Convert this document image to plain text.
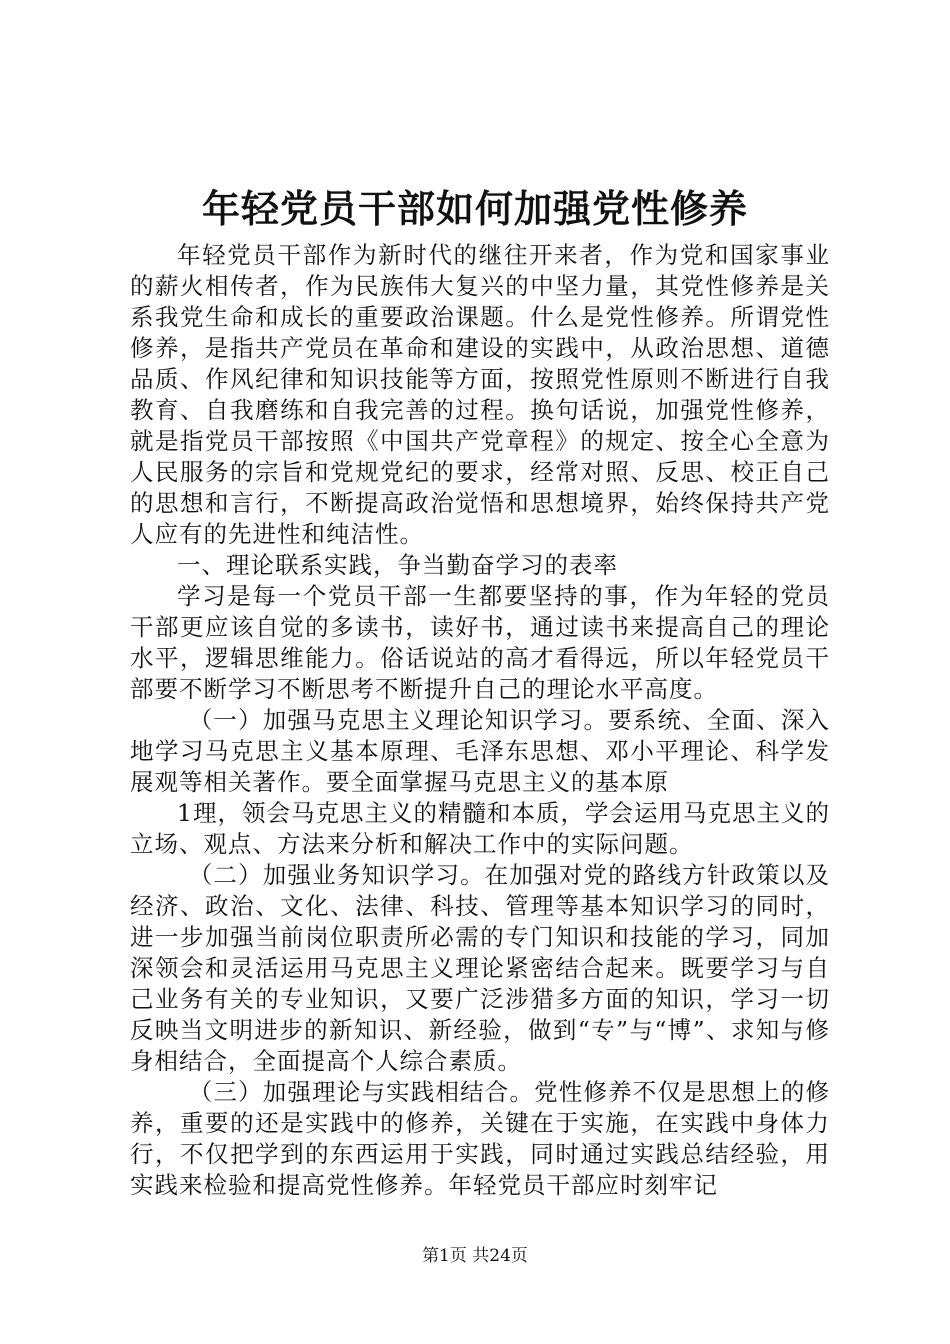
年轻党员干部如何加强党性修养

年轻党员干部作为新时代的继往开来者，作为党和国家事业的薪火相传者，作为民族伟大复兴的中坚力量，其党性修养是关系我党生命和成长的重要政治课题。什么是党性修养。所谓党性修养，是指共产党员在革命和建设的实践中，从政治思想、道德品质、作风纪律和知识技能等方面，按照党性原则不断进行自我教育、自我磨练和自我完善的过程。换句话说，加强党性修养，就是指党员干部按照《中国共产党章程》的规定、按全心全意为人民服务的宗旨和党规党纪的要求，经常对照、反思、校正自己的思想和言行，不断提高政治觉悟和思想境界，始终保持共产党人应有的先进性和纯洁性。

一、理论联系实践，争当勤奋学习的表率

学习是每一个党员干部一生都要坚持的事，作为年轻的党员干部更应该自觉的多读书，读好书，通过读书来提高自己的理论水平，逻辑思维能力。俗话说站的高才看得远，所以年轻党员干部要不断学习不断思考不断提升自己的理论水平高度。

（一）加强马克思主义理论知识学习。要系统、全面、深入地学习马克思主义基本原理、毛泽东思想、邓小平理论、科学发展观等相关著作。要全面掌握马克思主义的基本原

1理，领会马克思主义的精髓和本质，学会运用马克思主义的立场、观点、方法来分析和解决工作中的实际问题。

（二）加强业务知识学习。在加强对党的路线方针政策以及经济、政治、文化、法律、科技、管理等基本知识学习的同时，进一步加强当前岗位职责所必需的专门知识和技能的学习，同加深领会和灵活运用马克思主义理论紧密结合起来。既要学习与自己业务有关的专业知识，又要广泛涉猎多方面的知识，学习一切反映当文明进步的新知识、新经验，做到“专”与“博”、求知与修身相结合，全面提高个人综合素质。

（三）加强理论与实践相结合。党性修养不仅是思想上的修养，重要的还是实践中的修养，关键在于实施，在实践中身体力行，不仅把学到的东西运用于实践，同时通过实践总结经验，用实践来检验和提高党性修养。年轻党员干部应时刻牢记

第1页 共24页
